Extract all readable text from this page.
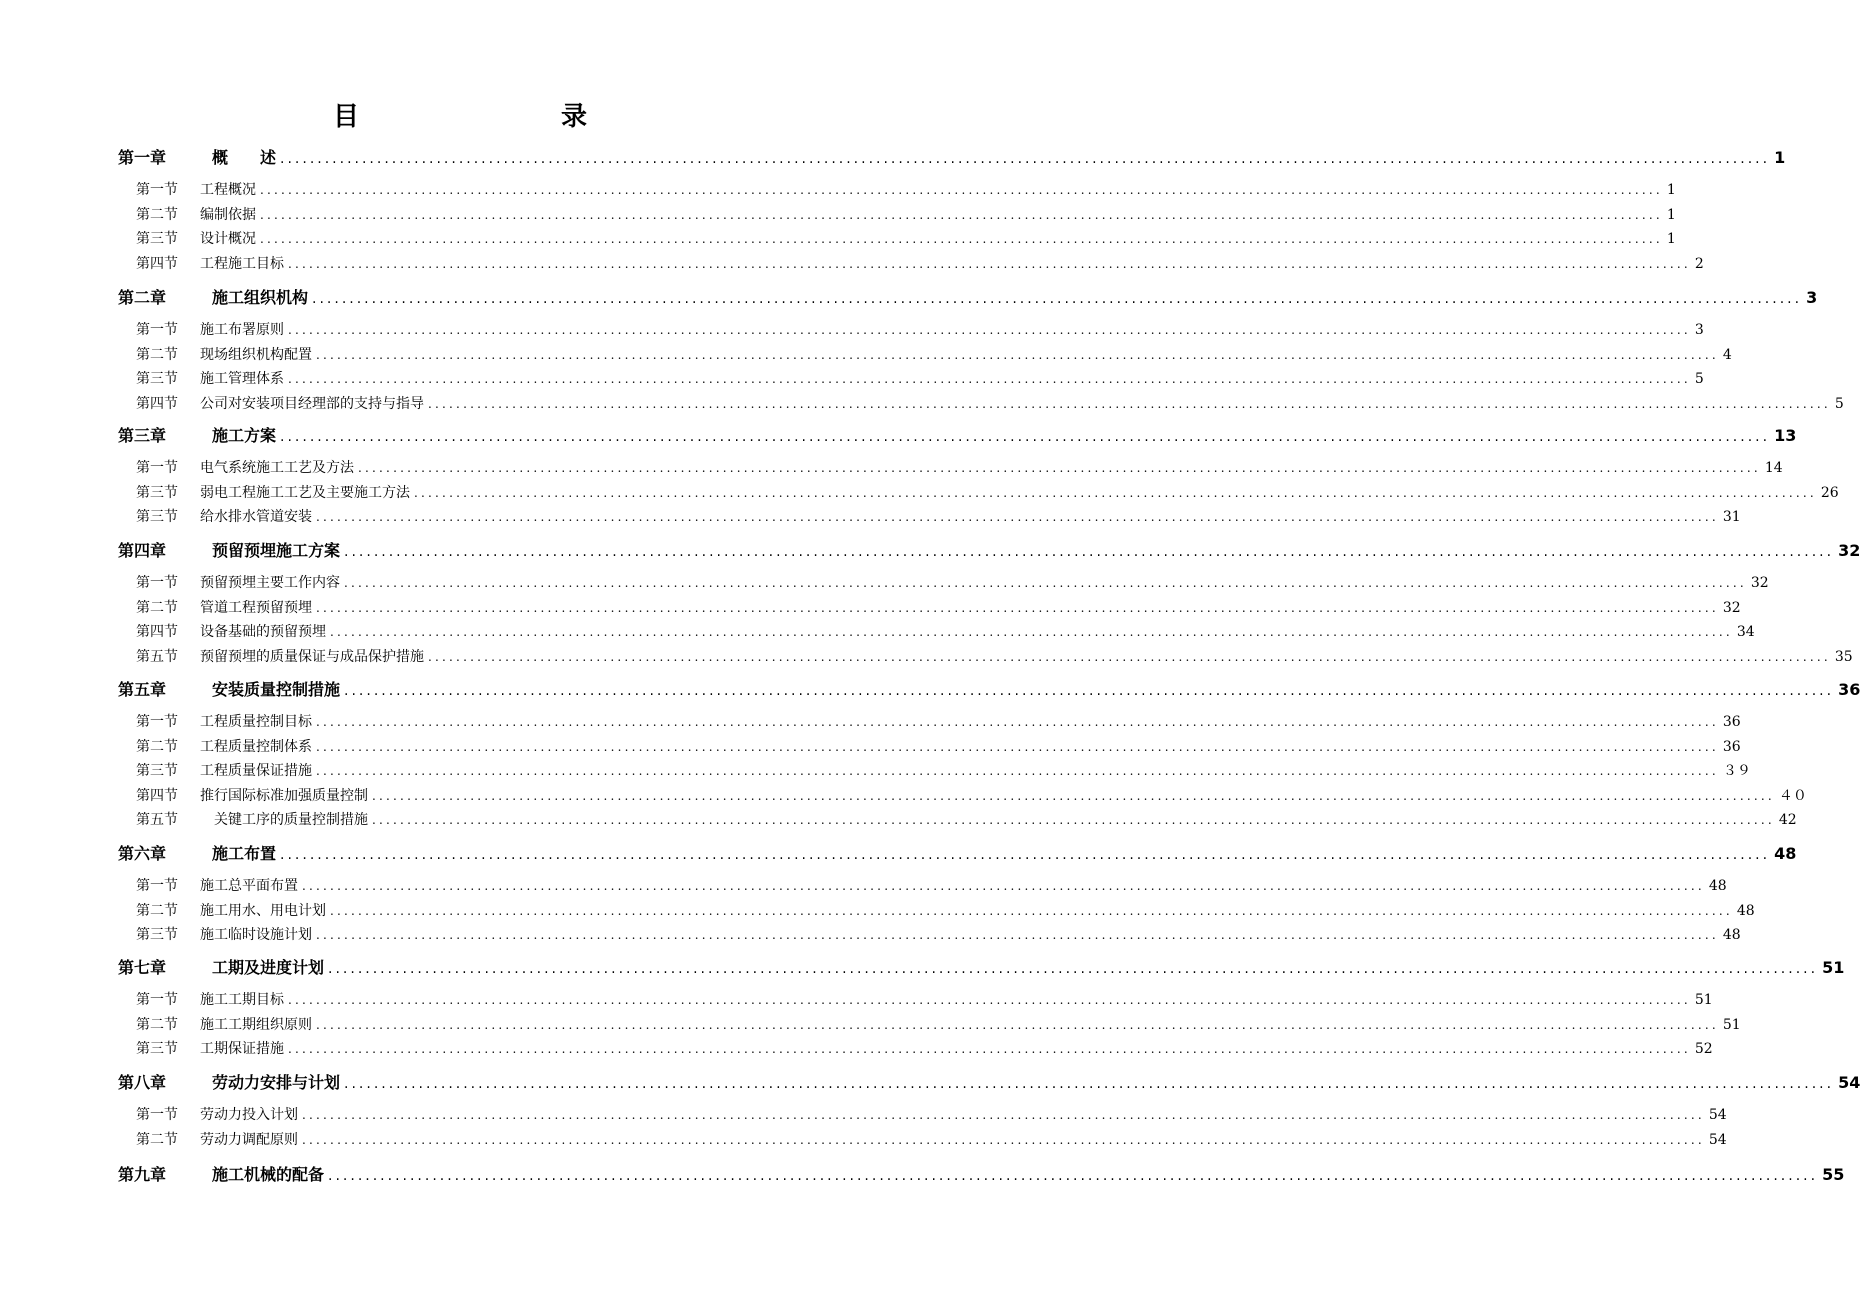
目　　录
第一章	概　　述 ........................................................................................................................................................................................................ 1
第一节	工程概况 ........................................................................................................................................................................................................ 1
第二节	编制依据 ........................................................................................................................................................................................................ 1
第三节	设计概况 ........................................................................................................................................................................................................ 1
第四节	工程施工目标 ........................................................................................................................................................................................................ 2
第二章	施工组织机构 ........................................................................................................................................................................................................ 3
第一节	施工布署原则 ........................................................................................................................................................................................................ 3
第二节	现场组织机构配置 ........................................................................................................................................................................................................ 4
第三节	施工管理体系 ........................................................................................................................................................................................................ 5
第四节	公司对安装项目经理部的支持与指导 ........................................................................................................................................................................................................ 5
第三章	施工方案 ........................................................................................................................................................................................................ 13
第一节	电气系统施工工艺及方法 ........................................................................................................................................................................................................ 14
第三节	弱电工程施工工艺及主要施工方法 ........................................................................................................................................................................................................ 26
第三节	给水排水管道安装 ........................................................................................................................................................................................................ 31
第四章	预留预埋施工方案 ........................................................................................................................................................................................................ 32
第一节	预留预埋主要工作内容 ........................................................................................................................................................................................................ 32
第二节	管道工程预留预埋 ........................................................................................................................................................................................................ 32
第四节	设备基础的预留预埋 ........................................................................................................................................................................................................ 34
第五节	预留预埋的质量保证与成品保护措施 ........................................................................................................................................................................................................ 35
第五章	安装质量控制措施 ........................................................................................................................................................................................................ 36
第一节	工程质量控制目标 ........................................................................................................................................................................................................ 36
第二节	工程质量控制体系 ........................................................................................................................................................................................................ 36
第三节	工程质量保证措施 ........................................................................................................................................................................................................ ３９
第四节	推行国际标准加强质量控制 ........................................................................................................................................................................................................ ４０
第五节	　关键工序的质量控制措施 ........................................................................................................................................................................................................ 42
第六章	施工布置 ........................................................................................................................................................................................................ 48
第一节	施工总平面布置 ........................................................................................................................................................................................................ 48
第二节	施工用水、用电计划 ........................................................................................................................................................................................................ 48
第三节	施工临时设施计划 ........................................................................................................................................................................................................ 48
第七章	工期及进度计划 ........................................................................................................................................................................................................ 51
第一节	施工工期目标 ........................................................................................................................................................................................................ 51
第二节	施工工期组织原则 ........................................................................................................................................................................................................ 51
第三节	工期保证措施 ........................................................................................................................................................................................................ 52
第八章	劳动力安排与计划 ........................................................................................................................................................................................................ 54
第一节	劳动力投入计划 ........................................................................................................................................................................................................ 54
第二节	劳动力调配原则 ........................................................................................................................................................................................................ 54
第九章	施工机械的配备 ........................................................................................................................................................................................................ 55
